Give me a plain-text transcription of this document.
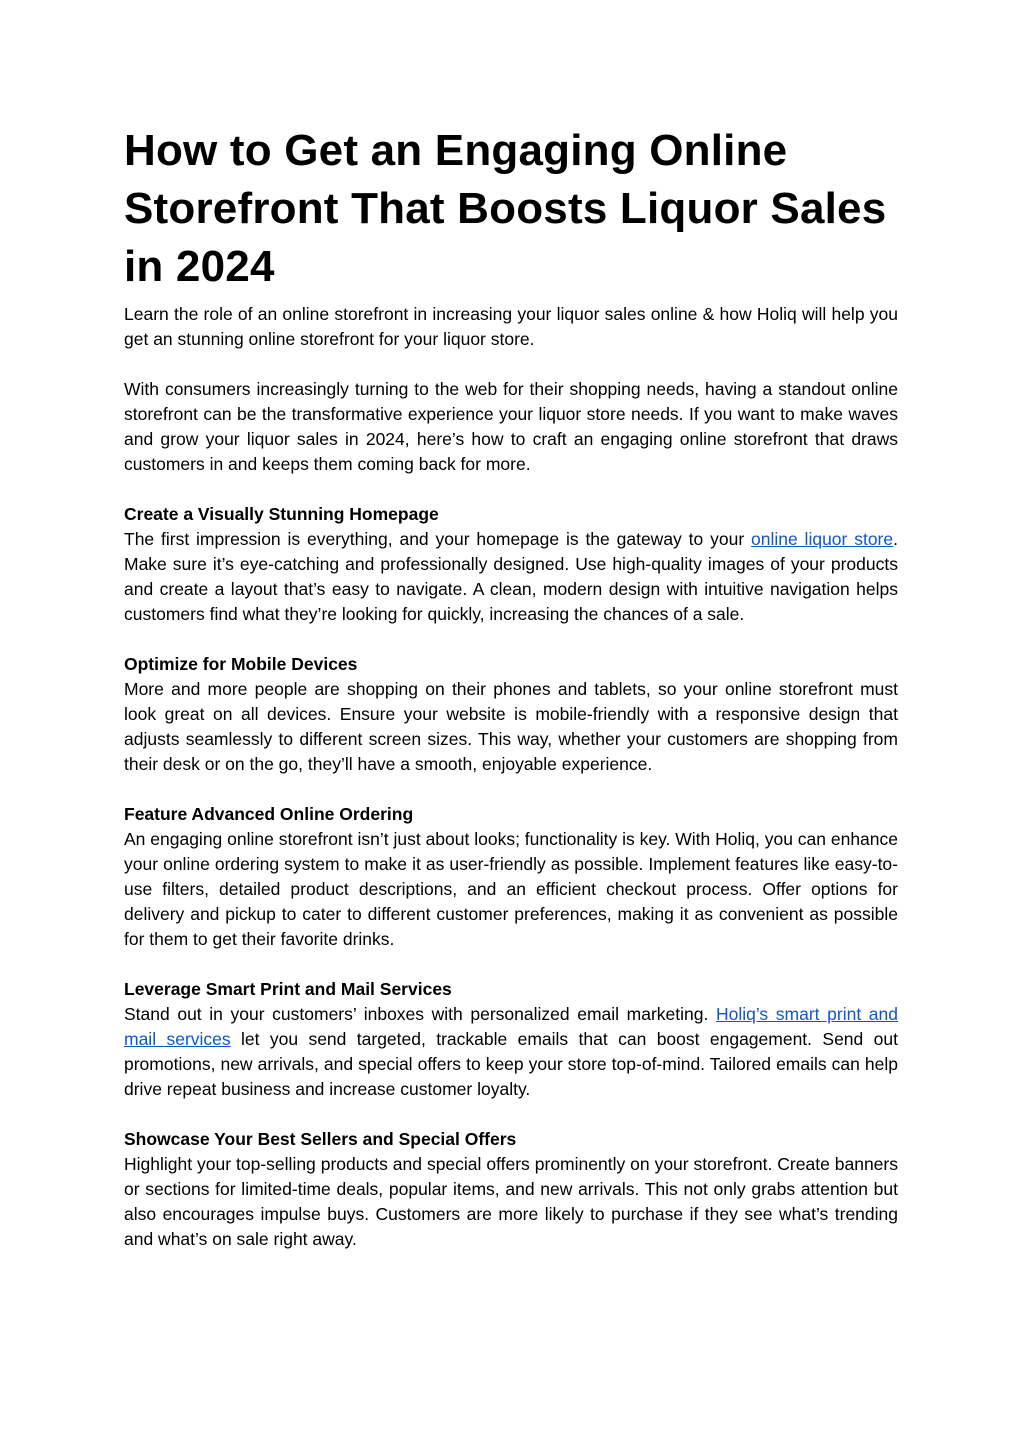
How to Get an Engaging Online Storefront That Boosts Liquor Sales in 2024

Learn the role of an online storefront in increasing your liquor sales online & how Holiq will help you get an stunning online storefront for your liquor store.

With consumers increasingly turning to the web for their shopping needs, having a standout online storefront can be the transformative experience your liquor store needs. If you want to make waves and grow your liquor sales in 2024, here’s how to craft an engaging online storefront that draws customers in and keeps them coming back for more.

Create a Visually Stunning Homepage

The first impression is everything, and your homepage is the gateway to your online liquor store. Make sure it’s eye-catching and professionally designed. Use high-quality images of your products and create a layout that’s easy to navigate. A clean, modern design with intuitive navigation helps customers find what they’re looking for quickly, increasing the chances of a sale.

Optimize for Mobile Devices

More and more people are shopping on their phones and tablets, so your online storefront must look great on all devices. Ensure your website is mobile-friendly with a responsive design that adjusts seamlessly to different screen sizes. This way, whether your customers are shopping from their desk or on the go, they’ll have a smooth, enjoyable experience.

Feature Advanced Online Ordering

An engaging online storefront isn’t just about looks; functionality is key. With Holiq, you can enhance your online ordering system to make it as user-friendly as possible. Implement features like easy-to-use filters, detailed product descriptions, and an efficient checkout process. Offer options for delivery and pickup to cater to different customer preferences, making it as convenient as possible for them to get their favorite drinks.

Leverage Smart Print and Mail Services

Stand out in your customers’ inboxes with personalized email marketing. Holiq’s smart print and mail services let you send targeted, trackable emails that can boost engagement. Send out promotions, new arrivals, and special offers to keep your store top-of-mind. Tailored emails can help drive repeat business and increase customer loyalty.

Showcase Your Best Sellers and Special Offers

Highlight your top-selling products and special offers prominently on your storefront. Create banners or sections for limited-time deals, popular items, and new arrivals. This not only grabs attention but also encourages impulse buys. Customers are more likely to purchase if they see what’s trending and what’s on sale right away.
